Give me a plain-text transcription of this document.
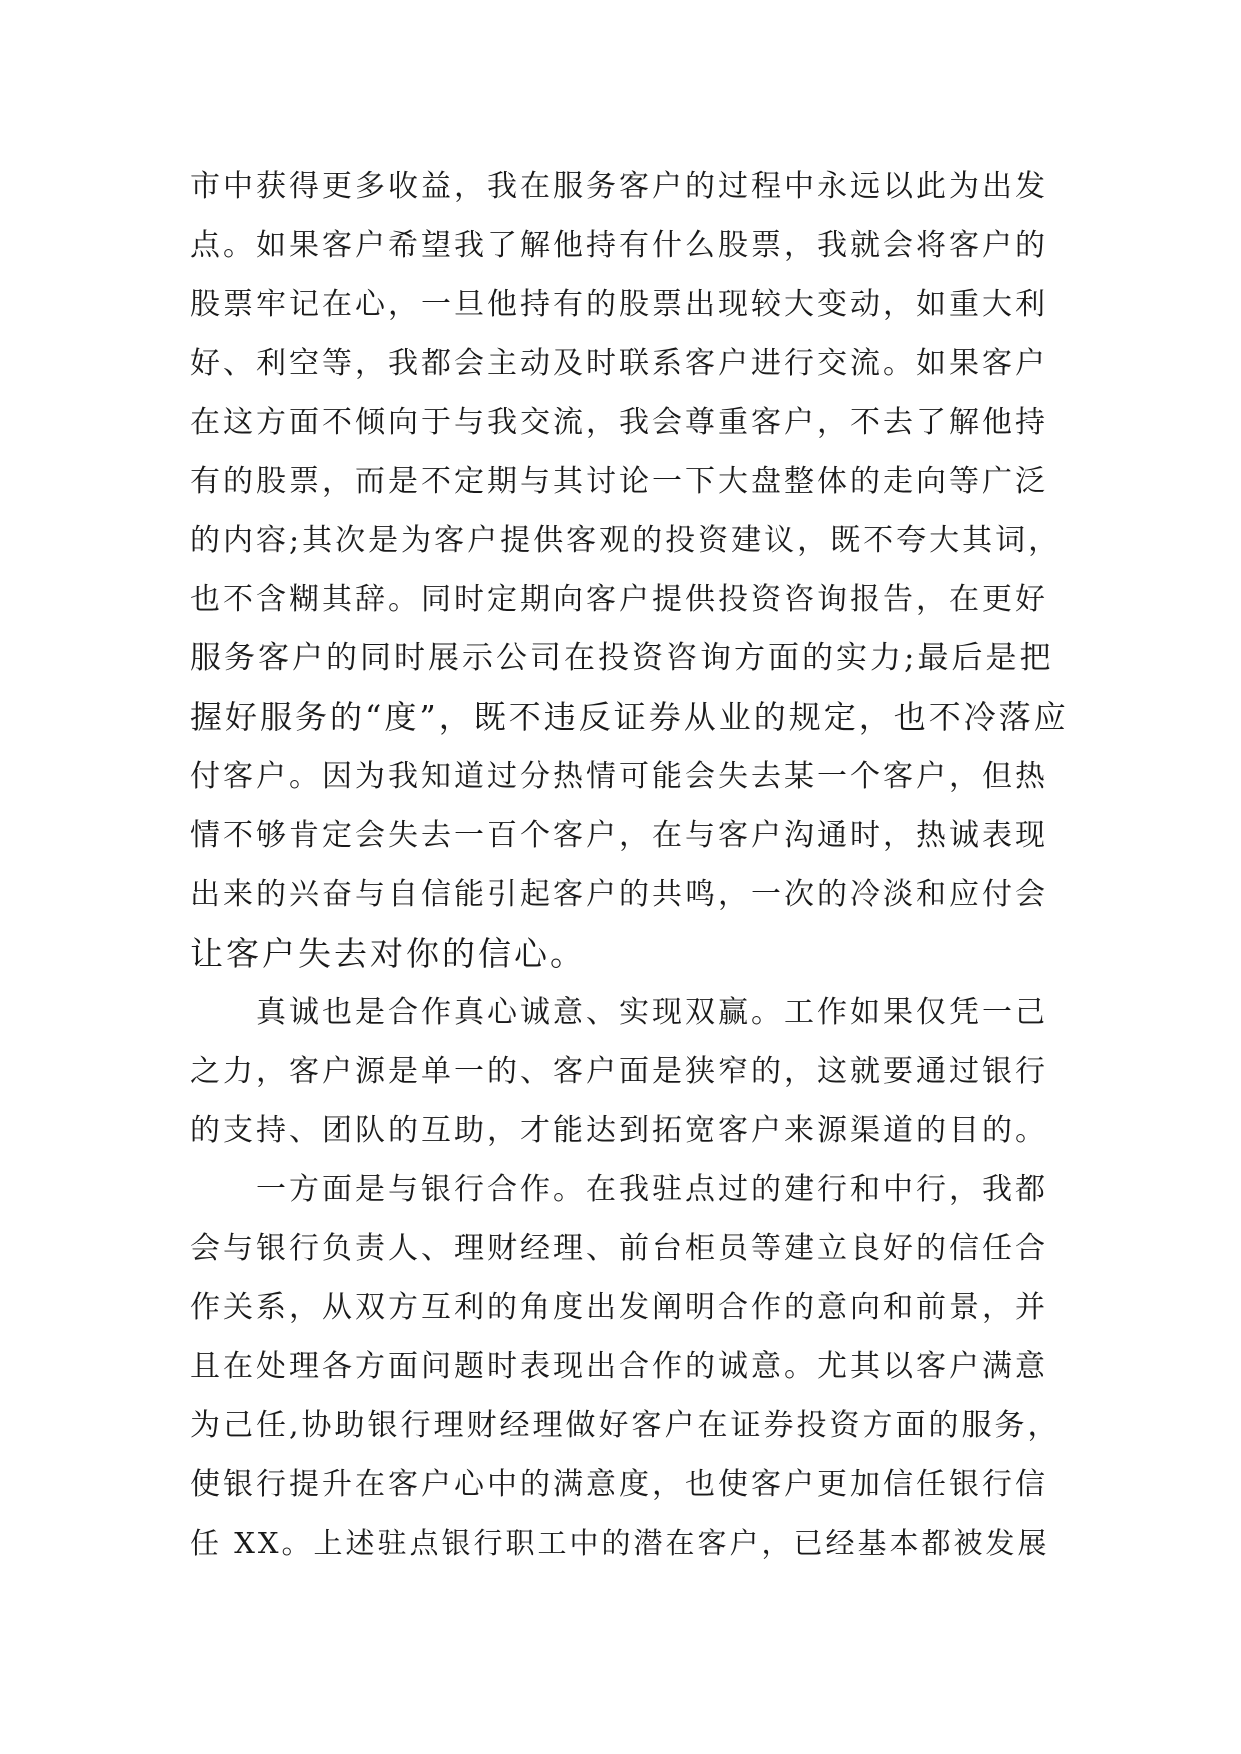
市中获得更多收益，我在服务客户的过程中永远以此为出发
点。如果客户希望我了解他持有什么股票，我就会将客户的
股票牢记在心，一旦他持有的股票出现较大变动，如重大利
好、利空等，我都会主动及时联系客户进行交流。如果客户
在这方面不倾向于与我交流，我会尊重客户，不去了解他持
有的股票，而是不定期与其讨论一下大盘整体的走向等广泛
的内容;其次是为客户提供客观的投资建议，既不夸大其词，
也不含糊其辞。同时定期向客户提供投资咨询报告，在更好
服务客户的同时展示公司在投资咨询方面的实力;最后是把
握好服务的“度”，既不违反证券从业的规定，也不冷落应
付客户。因为我知道过分热情可能会失去某一个客户，但热
情不够肯定会失去一百个客户，在与客户沟通时，热诚表现
出来的兴奋与自信能引起客户的共鸣，一次的冷淡和应付会
让客户失去对你的信心。
　　真诚也是合作真心诚意、实现双赢。工作如果仅凭一己
之力，客户源是单一的、客户面是狭窄的，这就要通过银行
的支持、团队的互助，才能达到拓宽客户来源渠道的目的。
　　一方面是与银行合作。在我驻点过的建行和中行，我都
会与银行负责人、理财经理、前台柜员等建立良好的信任合
作关系，从双方互利的角度出发阐明合作的意向和前景，并
且在处理各方面问题时表现出合作的诚意。尤其以客户满意
为己任,协助银行理财经理做好客户在证券投资方面的服务，
使银行提升在客户心中的满意度，也使客户更加信任银行信
任 XX。上述驻点银行职工中的潜在客户，已经基本都被发展
